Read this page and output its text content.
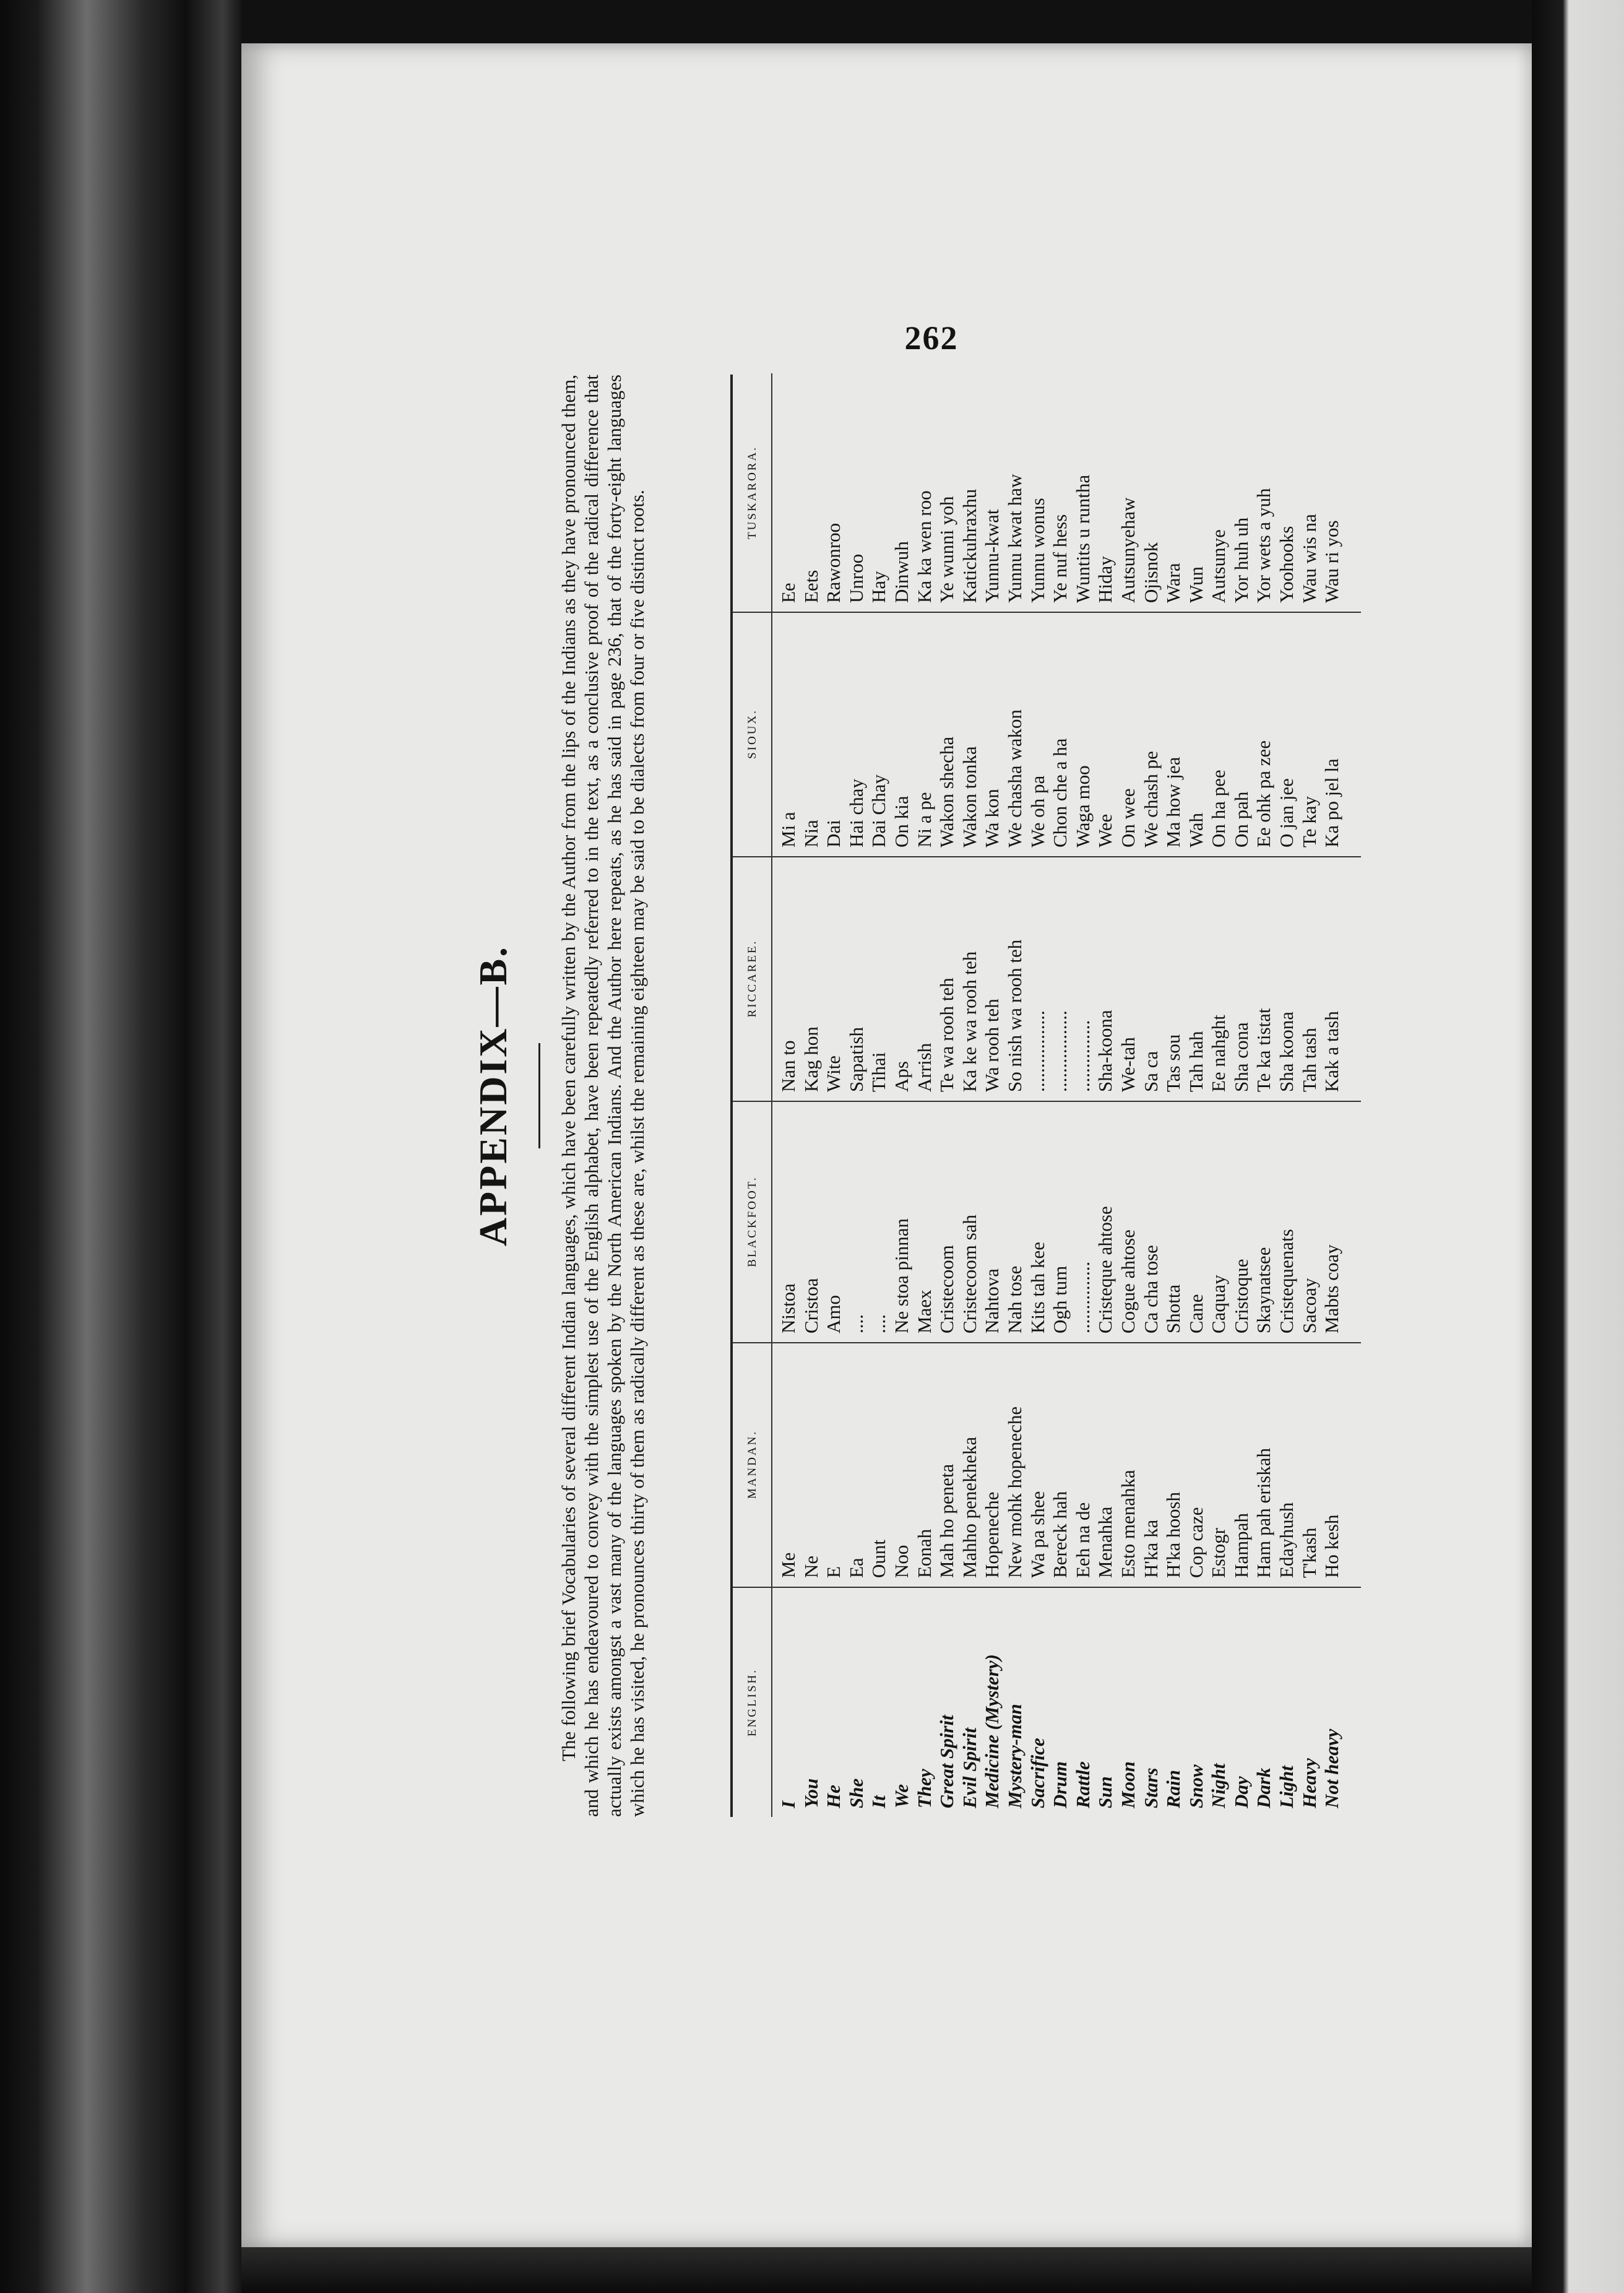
262
APPENDIX—B. The following brief Vocabularies of several different Indian languages, which have been carefully written by the Author from the lips of the Indians as they have pronounced them, and which he has endeavoured to convey with the simplest use of the English alphabet, have been repeatedly referred to in the text, as a conclusive proof of the radical difference that actually exists amongst a vast many of the languages spoken by the North American Indians. And the Author here repeats, as he has said in page 236, that of the forty-eight languages which he has visited, he pronounces thirty of them as radically different as these are, whilst the remaining eighteen may be said to be dialects from four or five distinct roots.	ENGLISH.
I You He She It We They Great Spirit Evil Spirit Medicine (Mystery) Mystery-man Sacrifice Drum Rattle Sun Moon Stars Rain Snow Night Day Dark Light Heavy Not heavy
MANDAN.
Me Ne E Ea Ount Noo Eonah Mah ho peneta Mahho penekheka Hopeneche New mohk hopeneche Wa pa shee Bereck hah Eeh na de Menahka Esto menahka H'ka ka H'ka hoosh Cop caze Estogr Hampah Ham pah eriskah Edayhush T'kash Ho kesh
BLACKFOOT.
Nistoa Cristoa Amo .... .... Ne stoa pinnan Maex Cristecoom Cristecoom sah Nahtova Nah tose Kits tah kee Ogh tum ............... Cristeque ahtose Cogue ahtose Ca cha tose Shotta Cane Caquay Cristoque Skaynatsee Cristequenats Sacoay Mabts coay
RICCAREE.
Nan to Kag hon Wite Sapatish Tihai Aps Arrish Te wa rooh teh Ka ke wa rooh teh Wa rooh teh So nish wa rooh teh ................. ................. ............... Sha-koona We-tah Sa ca Tas sou Tah hah Ee nahght Sha cona Te ka tistat Sha koona Tah tash Kak a tash
SIOUX.
Mi a Nia Dai Hai chay Dai Chay On kia Ni a pe Wakon shecha Wakon tonka Wa kon We chasha wakon We oh pa Chon che a ha Waga moo Wee On wee We chash pe Ma how jea Wah On ha pee On pah Ee ohk pa zee O jan jee Te kay Ka po jel la
TUSKARORA.
Ee Eets Rawonroo Unroo Hay Dinwuh Ka ka wen roo Ye wunni yoh Katickuhraxhu Yunnu-kwat Yunnu kwat haw Yunnu wonus Ye nuf hess Wuntits u runtha Hiday Autsunyehaw Ojisnok Wara Wun Autsunye Yor huh uh Yor wets a yuh Yoohooks Wau wis na Wau ri yos
